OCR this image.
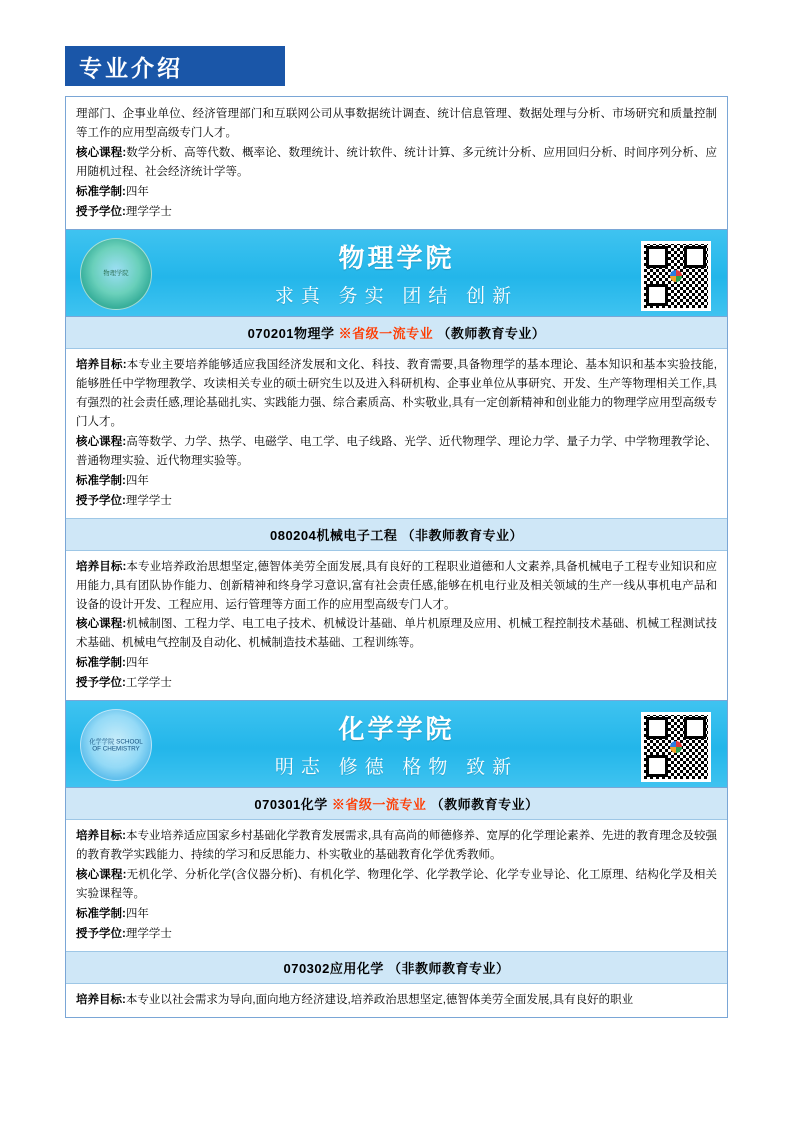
专业介绍

理部门、企事业单位、经济管理部门和互联网公司从事数据统计调查、统计信息管理、数据处理与分析、市场研究和质量控制等工作的应用型高级专门人才。

核心课程:数学分析、高等代数、概率论、数理统计、统计软件、统计计算、多元统计分析、应用回归分析、时间序列分析、应用随机过程、社会经济统计学等。

标准学制:四年

授予学位:理学学士

物理学院
物理学院
求真 务实 团结 创新
070201物理学 ※省级一流专业 （教师教育专业）

培养目标:本专业主要培养能够适应我国经济发展和文化、科技、教育需要,具备物理学的基本理论、基本知识和基本实验技能,能够胜任中学物理教学、攻读相关专业的硕士研究生以及进入科研机构、企事业单位从事研究、开发、生产等物理相关工作,具有强烈的社会责任感,理论基础扎实、实践能力强、综合素质高、朴实敬业,具有一定创新精神和创业能力的物理学应用型高级专门人才。

核心课程:高等数学、力学、热学、电磁学、电工学、电子线路、光学、近代物理学、理论力学、量子力学、中学物理教学论、普通物理实验、近代物理实验等。

标准学制:四年

授予学位:理学学士

080204机械电子工程 （非教师教育专业）

培养目标:本专业培养政治思想坚定,德智体美劳全面发展,具有良好的工程职业道德和人文素养,具备机械电子工程专业知识和应用能力,具有团队协作能力、创新精神和终身学习意识,富有社会责任感,能够在机电行业及相关领域的生产一线从事机电产品和设备的设计开发、工程应用、运行管理等方面工作的应用型高级专门人才。

核心课程:机械制图、工程力学、电工电子技术、机械设计基础、单片机原理及应用、机械工程控制技术基础、机械工程测试技术基础、机械电气控制及自动化、机械制造技术基础、工程训练等。

标准学制:四年

授予学位:工学学士

化学学院 SCHOOL OF CHEMISTRY
化学学院
明志 修德 格物 致新
070301化学 ※省级一流专业 （教师教育专业）

培养目标:本专业培养适应国家乡村基础化学教育发展需求,具有高尚的师德修养、宽厚的化学理论素养、先进的教育理念及较强的教育教学实践能力、持续的学习和反思能力、朴实敬业的基础教育化学优秀教师。

核心课程:无机化学、分析化学(含仪器分析)、有机化学、物理化学、化学教学论、化学专业导论、化工原理、结构化学及相关实验课程等。

标准学制:四年

授予学位:理学学士

070302应用化学 （非教师教育专业）

培养目标:本专业以社会需求为导向,面向地方经济建设,培养政治思想坚定,德智体美劳全面发展,具有良好的职业
